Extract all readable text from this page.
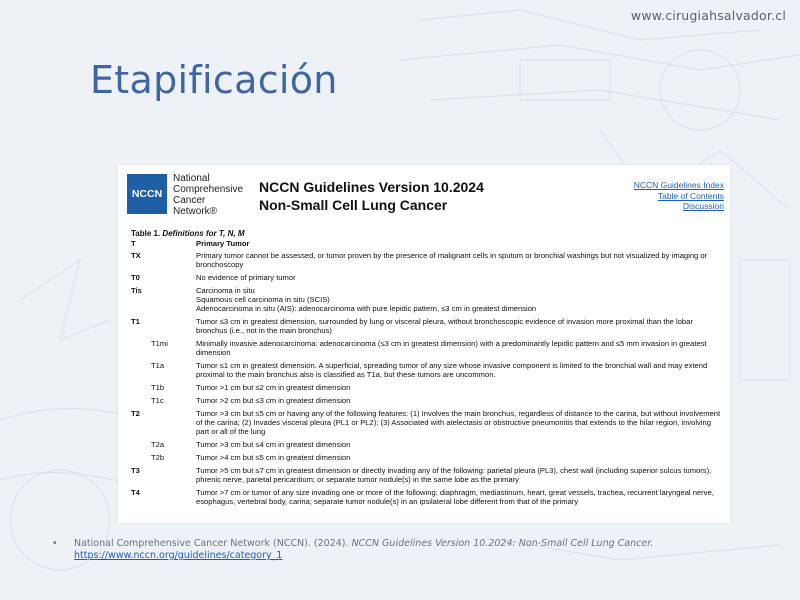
www.cirugiahsalvador.cl
Etapificación
NCCN
National
Comprehensive
Cancer
Network®
NCCN Guidelines Version 10.2024
Non-Small Cell Lung Cancer
NCCN Guidelines Index
Table of Contents
Discussion
Table 1. Definitions for T, N, M
T	Primary Tumor
TX	Primary tumor cannot be assessed, or tumor proven by the presence of malignant cells in sputum or bronchial washings but not visualized by imaging or bronchoscopy
T0	No evidence of primary tumor
Tis	Carcinoma in situ
Squamous cell carcinoma in situ (SCIS)
Adenocarcinoma in situ (AIS): adenocarcinoma with pure lepidic pattern, ≤3 cm in greatest dimension
T1	Tumor ≤3 cm in greatest dimension, surrounded by lung or visceral pleura, without bronchoscopic evidence of invasion more proximal than the lobar bronchus (i.e., not in the main bronchus)
T1mi	Minimally invasive adenocarcinoma: adenocarcinoma (≤3 cm in greatest dimension) with a predominantly lepidic pattern and ≤5 mm invasion in greatest dimension
T1a	Tumor ≤1 cm in greatest dimension. A superficial, spreading tumor of any size whose invasive component is limited to the bronchial wall and may extend proximal to the main bronchus also is classified as T1a, but these tumors are uncommon.
T1b	Tumor >1 cm but ≤2 cm in greatest dimension
T1c	Tumor >2 cm but ≤3 cm in greatest dimension
T2	Tumor >3 cm but ≤5 cm or having any of the following features: (1) Involves the main bronchus, regardless of distance to the carina, but without involvement of the carina; (2) Invades visceral pleura (PL1 or PL2); (3) Associated with atelectasis or obstructive pneumonitis that extends to the hilar region, involving part or all of the lung
T2a	Tumor >3 cm but ≤4 cm in greatest dimension
T2b	Tumor >4 cm but ≤5 cm in greatest dimension
T3	Tumor >5 cm but ≤7 cm in greatest dimension or directly invading any of the following: parietal pleura (PL3), chest wall (including superior sulcus tumors), phrenic nerve, parietal pericardium; or separate tumor nodule(s) in the same lobe as the primary
T4	Tumor >7 cm or tumor of any size invading one or more of the following: diaphragm, mediastinum, heart, great vessels, trachea, recurrent laryngeal nerve, esophagus, vertebral body, carina; separate tumor nodule(s) in an ipsilateral lobe different from that of the primary
•	National Comprehensive Cancer Network (NCCN). (2024). NCCN Guidelines Version 10.2024: Non-Small Cell Lung Cancer.
https://www.nccn.org/guidelines/category_1
